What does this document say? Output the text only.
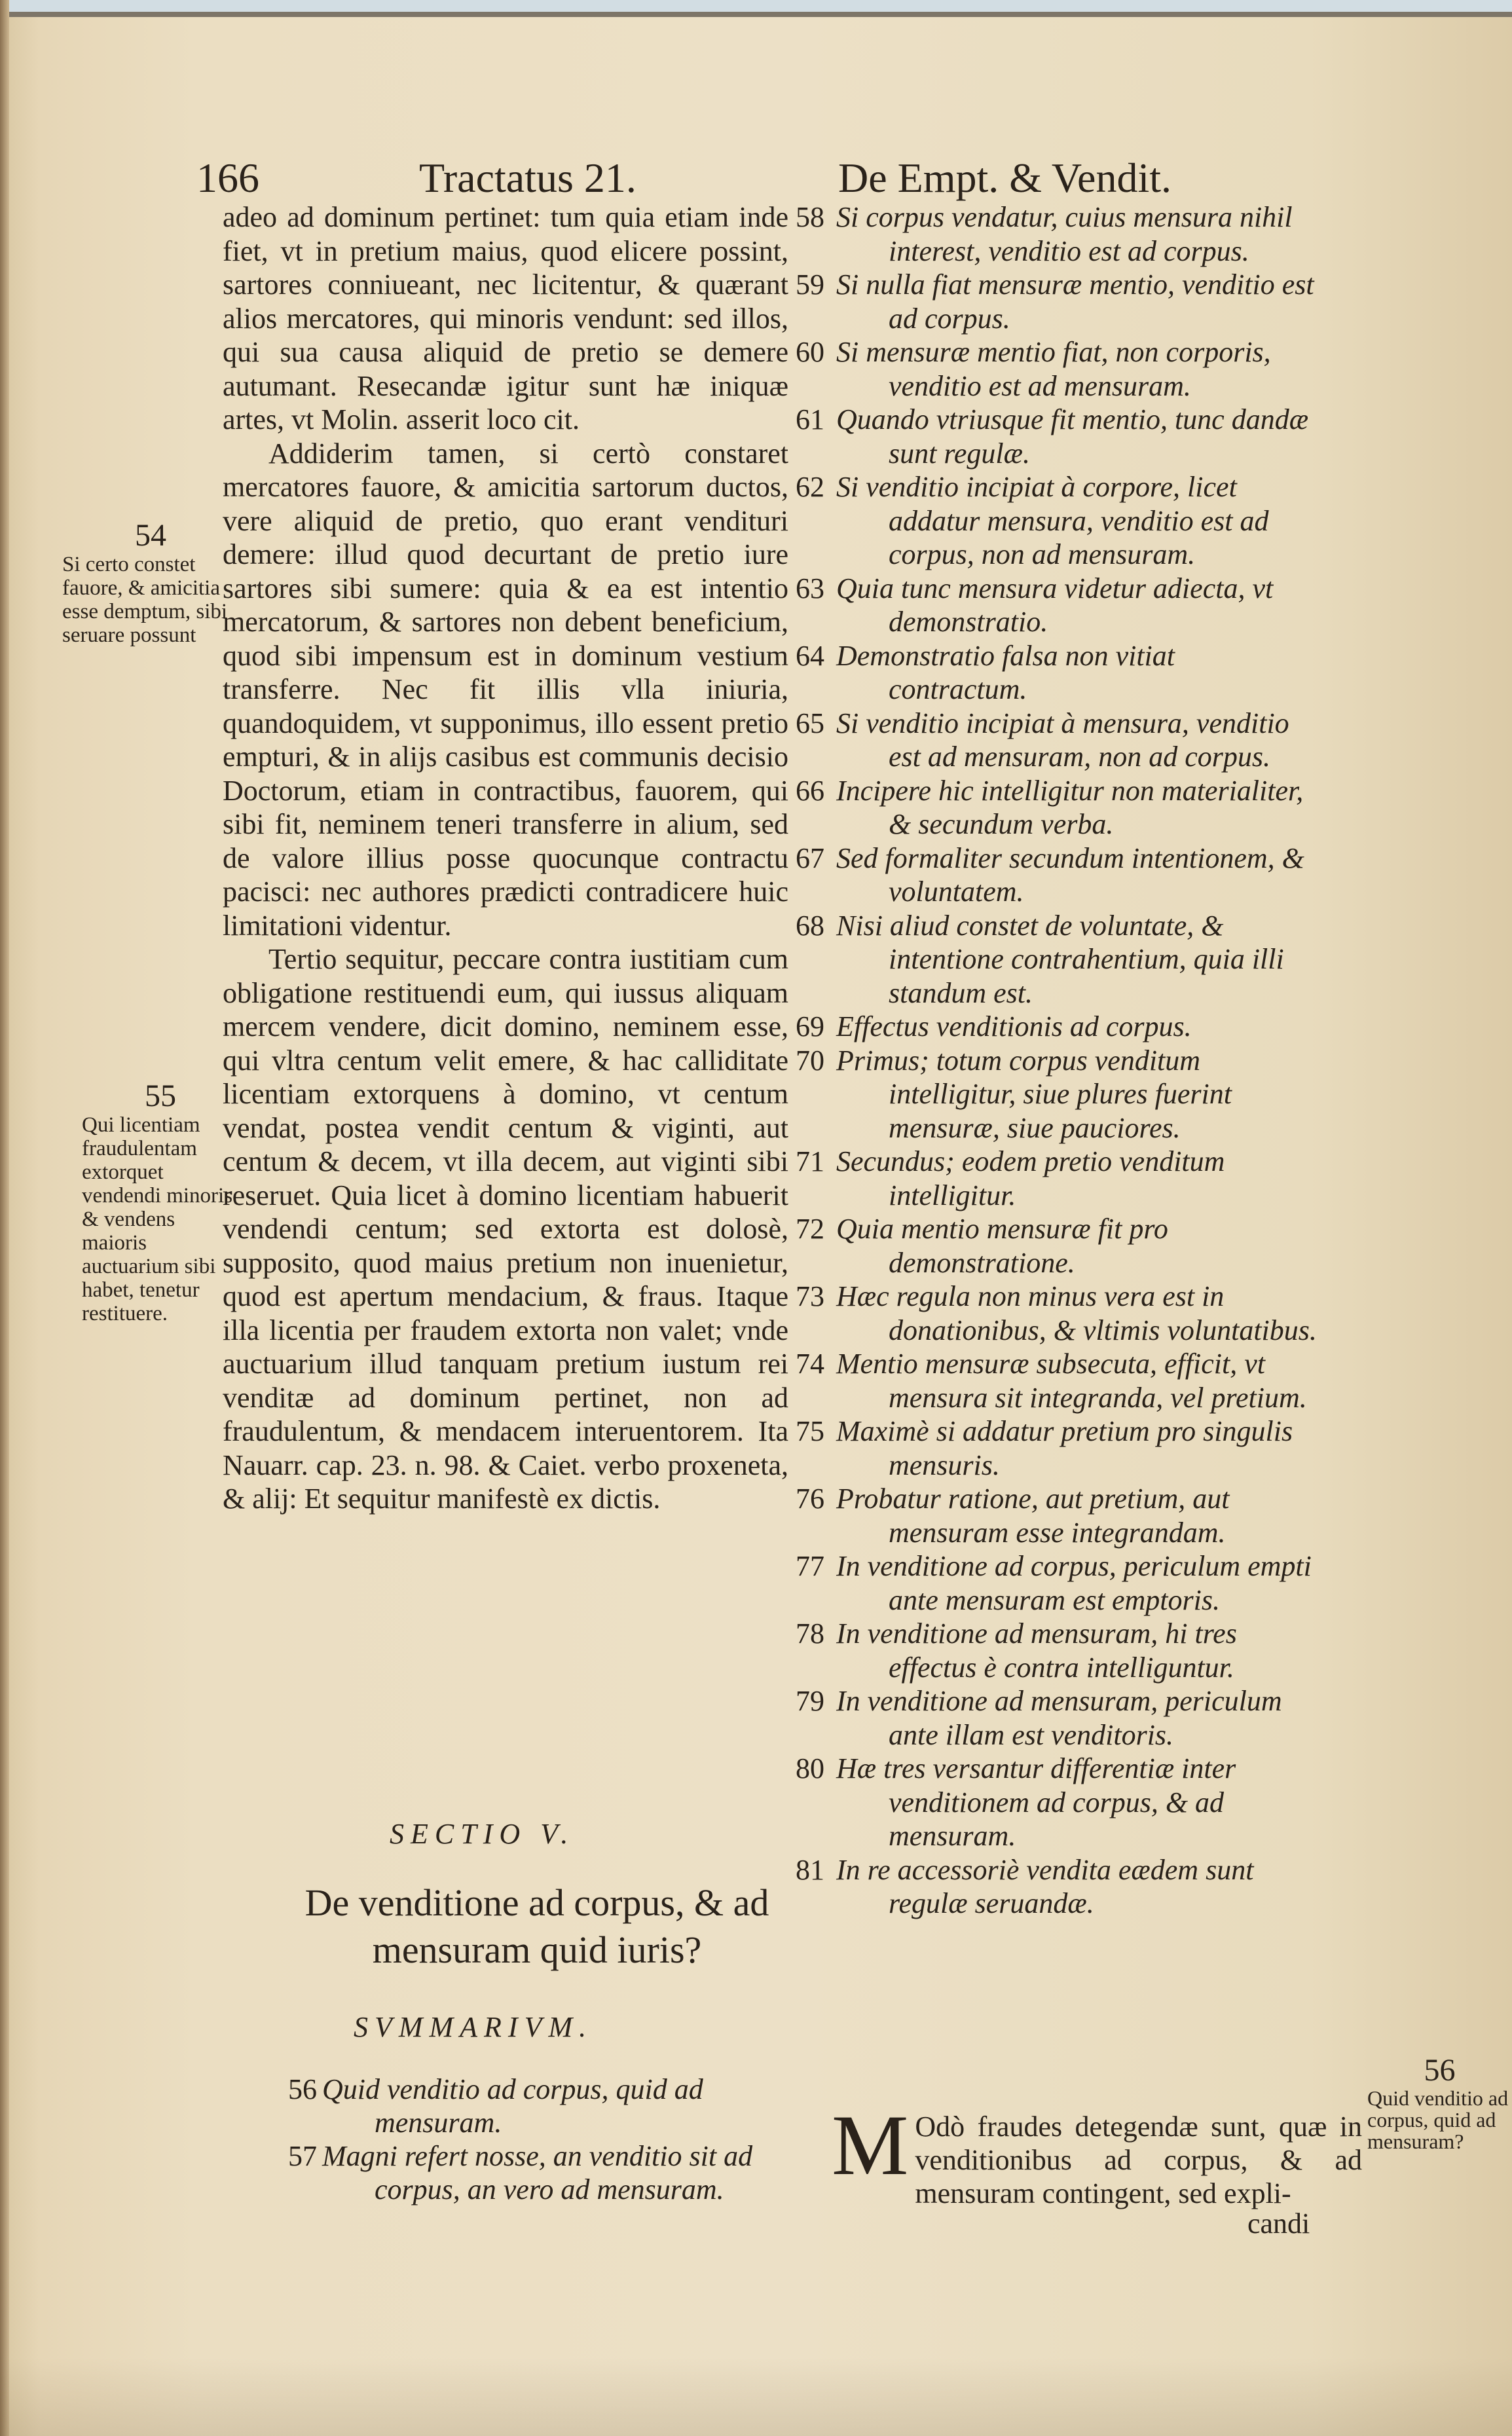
166	Tractatus 21.	De Empt. & Vendit.

adeo ad dominum pertinet: tum quia etiam inde fiet, vt in pretium maius, quod elicere possint, sartores conniueant, nec licitentur, & quærant alios mercatores, qui minoris vendunt: sed illos, qui sua causa aliquid de pretio se demere autumant. Resecandæ igitur sunt hæ iniquæ artes, vt Molin. asserit loco cit.

Addiderim tamen, si certò constaret mercatores fauore, & amicitia sartorum ductos, vere aliquid de pretio, quo erant vendituri demere: illud quod decurtant de pretio iure sartores sibi sumere: quia & ea est intentio mercatorum, & sartores non debent beneficium, quod sibi impensum est in dominum vestium transferre. Nec fit illis vlla iniuria, quandoquidem, vt supponimus, illo essent pretio empturi, & in alijs casibus est communis decisio Doctorum, etiam in contractibus, fauorem, qui sibi fit, neminem teneri transferre in alium, sed de valore illius posse quocunque contractu pacisci: nec authores prædicti contradicere huic limitationi videntur.

Tertio sequitur, peccare contra iustitiam cum obligatione restituendi eum, qui iussus aliquam mercem vendere, dicit domino, neminem esse, qui vltra centum velit emere, & hac calliditate licentiam extorquens à domino, vt centum vendat, postea vendit centum & viginti, aut centum & decem, vt illa decem, aut viginti sibi reseruet. Quia licet à domino licentiam habuerit vendendi centum; sed extorta est dolosè, supposito, quod maius pretium non inuenietur, quod est apertum mendacium, & fraus. Itaque illa licentia per fraudem extorta non valet; vnde auctuarium illud tanquam pretium iustum rei venditæ ad dominum pertinet, non ad fraudulentum, & mendacem interuentorem. Ita Nauarr. cap. 23. n. 98. & Caiet. verbo proxeneta, & alij: Et sequitur manifestè ex dictis.

54
Si certo constet fauore, & amicitia esse demptum, sibi seruare possunt
55
Qui licentiam fraudulentam extorquet vendendi minoris & vendens maioris auctuarium sibi habet, tenetur restituere.
56
Quid venditio ad corpus, quid ad mensuram?
58 Si corpus vendatur, cuius mensura nihil interest, venditio est ad corpus.
59 Si nulla fiat mensuræ mentio, venditio est ad corpus.
60 Si mensuræ mentio fiat, non corporis, venditio est ad mensuram.
61 Quando vtriusque fit mentio, tunc dandæ sunt regulæ.
62 Si venditio incipiat à corpore, licet addatur mensura, venditio est ad corpus, non ad mensuram.
63 Quia tunc mensura videtur adiecta, vt demonstratio.
64 Demonstratio falsa non vitiat contractum.
65 Si venditio incipiat à mensura, venditio est ad mensuram, non ad corpus.
66 Incipere hic intelligitur non materialiter, & secundum verba.
67 Sed formaliter secundum intentionem, & voluntatem.
68 Nisi aliud constet de voluntate, & intentione contrahentium, quia illi standum est.
69 Effectus venditionis ad corpus.
70 Primus; totum corpus venditum intelligitur, siue plures fuerint mensuræ, siue pauciores.
71 Secundus; eodem pretio venditum intelligitur.
72 Quia mentio mensuræ fit pro demonstratione.
73 Hæc regula non minus vera est in donationibus, & vltimis voluntatibus.
74 Mentio mensuræ subsecuta, efficit, vt mensura sit integranda, vel pretium.
75 Maximè si addatur pretium pro singulis mensuris.
76 Probatur ratione, aut pretium, aut mensuram esse integrandam.
77 In venditione ad corpus, periculum empti ante mensuram est emptoris.
78 In venditione ad mensuram, hi tres effectus è contra intelliguntur.
79 In venditione ad mensuram, periculum ante illam est venditoris.
80 Hæ tres versantur differentiæ inter venditionem ad corpus, & ad mensuram.
81 In re accessoriè vendita eædem sunt regulæ seruandæ.
SECTIO V.
De venditione ad corpus, & ad mensuram quid iuris?
SVMMARIVM.
56 Quid venditio ad corpus, quid ad mensuram.
57 Magni refert nosse, an venditio sit ad corpus, an vero ad mensuram.	M Odò fraudes detegendæ sunt, quæ in venditionibus ad corpus, & ad mensuram contingent, sed expli-
candi
